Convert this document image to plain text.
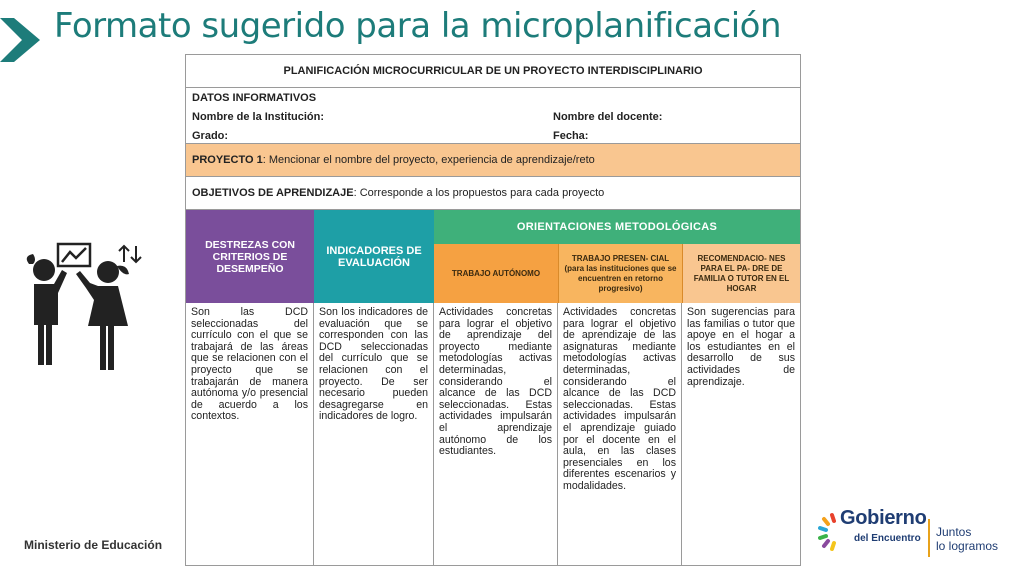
Formato sugerido para la microplanificación
Ministerio de Educación
Gobierno
del Encuentro Juntos
lo logramos
PLANIFICACIÓN MICROCURRICULAR DE UN PROYECTO INTERDISCIPLINARIO
DATOS INFORMATIVOS
Nombre de la Institución:	Nombre del docente:
Grado:	Fecha:
PROYECTO 1: Mencionar el nombre del proyecto, experiencia de aprendizaje/reto
OBJETIVOS DE APRENDIZAJE: Corresponde a los propuestos para cada proyecto
DESTREZAS CON CRITERIOS DE DESEMPEÑO
INDICADORES DE EVALUACIÓN
ORIENTACIONES METODOLÓGICAS
TRABAJO AUTÓNOMO
TRABAJO PRESEN- CIAL (para las instituciones que se encuentren en retorno progresivo)
RECOMENDACIO- NES PARA EL PA- DRE DE FAMILIA O TUTOR EN EL HOGAR
Son las DCD seleccionadas del currículo con el que se trabajará de las áreas que se relacionen con el proyecto que se trabajarán de manera autónoma y/o presencial de acuerdo a los contextos.
Son los indicadores de evaluación que se corresponden con las DCD seleccionadas del currículo que se relacionen con el proyecto. De ser necesario pueden desagregarse en indicadores de logro.
Actividades concretas para lograr el objetivo de aprendizaje del proyecto mediante metodologías activas determinadas, considerando el alcance de las DCD seleccionadas. Estas actividades impulsarán el aprendizaje autónomo de los estudiantes.
Actividades concretas para lograr el objetivo de aprendizaje de las asignaturas mediante metodologías activas determinadas, considerando el alcance de las DCD seleccionadas. Estas actividades impulsarán el aprendizaje guiado por el docente en el aula, en las clases presenciales en los diferentes escenarios y modalidades.
Son sugerencias para las familias o tutor que apoye en el hogar a los estudiantes en el desarrollo de sus actividades de aprendizaje.
